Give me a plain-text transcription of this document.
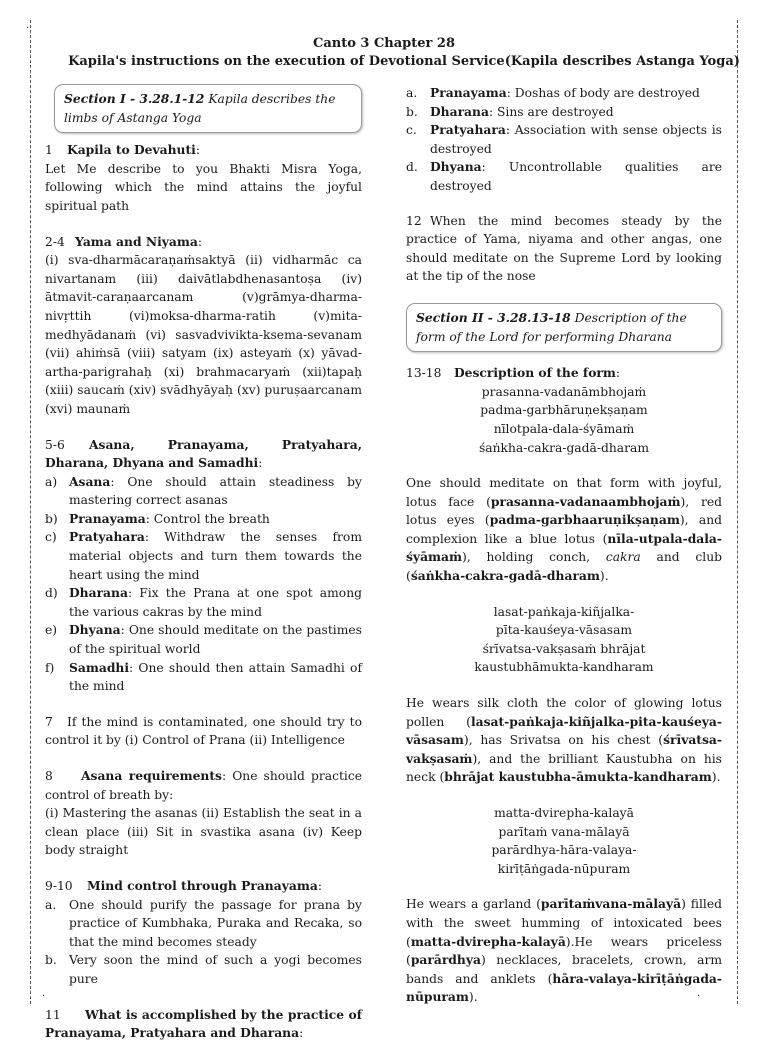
·	·
·	·
Canto 3 Chapter 28
Kapila's instructions on the execution of Devotional Service(Kapila describes Astanga Yoga)
Section I - 3.28.1-12 Kapila describes the limbs of Astanga Yoga

1 Kapila to Devahuti:
Let Me describe to you Bhakti Misra Yoga, following which the mind attains the joyful spiritual path

2-4 Yama and Niyama:
(i) sva-dharmācaraṇaṁsaktyā (ii) vidharmāc ca nivartanam (iii) daivātlabdhenasantoṣa (iv) ātmavit-caraṇaarcanam (v)grāmya-dharma-nivṛttih (vi)moksa-dharma-ratih (v)mita-medhyādanaṁ (vi) sasvadvivikta-ksema-sevanam (vii) ahiṁsā (viii) satyam (ix) asteyaṁ (x) yāvad-artha-parigrahaḥ (xi) brahmacaryaṁ (xii)tapaḥ (xiii) saucaṁ (xiv) svādhyāyaḥ (xv) puruṣaarcanam (xvi) maunaṁ

5-6 Asana, Pranayama, Pratyahara, Dharana, Dhyana and Samadhi:
a) Asana: One should attain steadiness by mastering correct asanas
b) Pranayama: Control the breath
c) Pratyahara: Withdraw the senses from material objects and turn them towards the heart using the mind
d) Dharana: Fix the Prana at one spot among the various cakras by the mind
e) Dhyana: One should meditate on the pastimes of the spiritual world
f) Samadhi: One should then attain Samadhi of the mind

7 If the mind is contaminated, one should try to control it by (i) Control of Prana (ii) Intelligence

8 Asana requirements: One should practice control of breath by:
(i) Mastering the asanas (ii) Establish the seat in a clean place (iii) Sit in svastika asana (iv) Keep body straight

9-10 Mind control through Pranayama:
a. One should purify the passage for prana by practice of Kumbhaka, Puraka and Recaka, so that the mind becomes steady
b. Very soon the mind of such a yogi becomes pure

11 What is accomplished by the practice of Pranayama, Pratyahara and Dharana:

a. Pranayama: Doshas of body are destroyed
b. Dharana: Sins are destroyed
c. Pratyahara: Association with sense objects is destroyed
d. Dhyana: Uncontrollable qualities are destroyed

12 When the mind becomes steady by the practice of Yama, niyama and other angas, one should meditate on the Supreme Lord by looking at the tip of the nose

Section II - 3.28.13-18 Description of the form of the Lord for performing Dharana
13-18 Description of the form:
prasanna-vadanāmbhojaṁ
padma-garbhāruṇekṣaṇam
nīlotpala-dala-śyāmaṁ
śaṅkha-cakra-gadā-dharam

One should meditate on that form with joyful, lotus face (prasanna-vadanaambhojaṁ), red lotus eyes (padma-garbhaaruṇikṣaṇam), and complexion like a blue lotus (nīla-utpala-dala-śyāmaṁ), holding conch, cakra and club (śaṅkha-cakra-gadā-dharam).

lasat-paṅkaja-kiñjalka-
pīta-kauśeya-vāsasam
śrīvatsa-vakṣasaṁ bhrājat
kaustubhāmukta-kandharam

He wears silk cloth the color of glowing lotus pollen (lasat-paṅkaja-kiñjalka-pita-kauśeya-vāsasam), has Srivatsa on his chest (śrīvatsa-vakṣasaṁ), and the brilliant Kaustubha on his neck (bhrājat kaustubha-āmukta-kandharam).

matta-dvirepha-kalayā
parītaṁ vana-mālayā
parārdhya-hāra-valaya-
kirīṭāṅgada-nūpuram

He wears a garland (parītaṁvana-mālayā) filled with the sweet humming of intoxicated bees (matta-dvirepha-kalayā).He wears priceless (parārdhya) necklaces, bracelets, crown, arm bands and anklets (hāra-valaya-kirīṭāṅgada-nūpuram).
